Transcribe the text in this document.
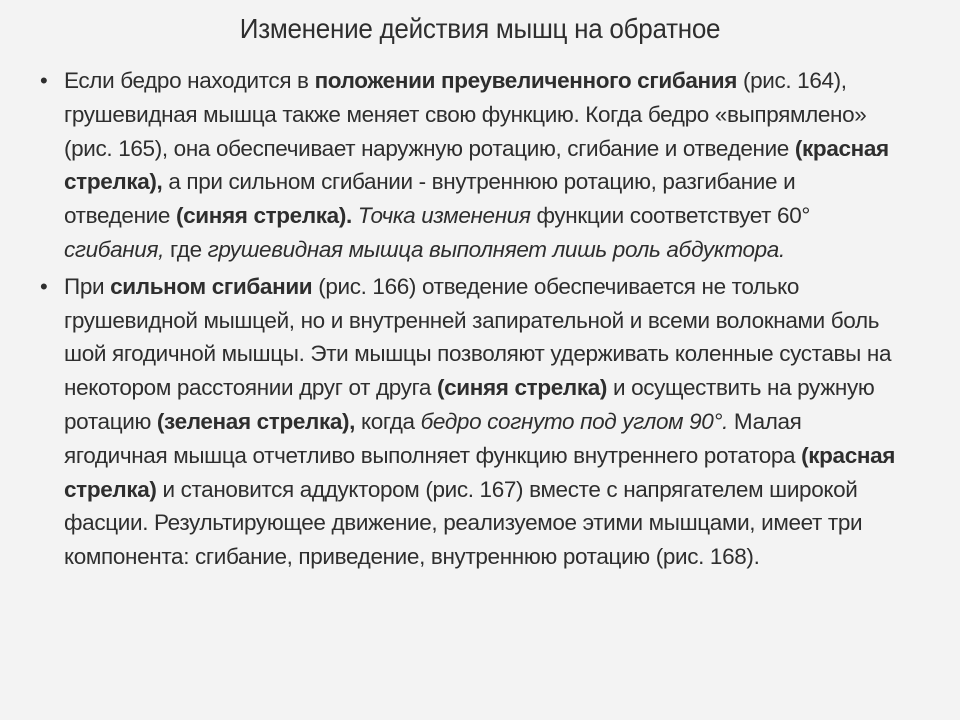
Изменение действия мышц на обратное
• Если бедро находится в положении преувеличенного сгибания (рис. 164), грушевидная мышца также меняет свою функцию. Когда бедро «выпрямлено» (рис. 165), она обеспечивает наружную ротацию, сгибание и отведение (красная стрелка), а при сильном сгибании - внутреннюю ротацию, разгибание и отведение (синяя стрелка). Точка изменения функции соответствует 60° сгибания, где грушевидная мышца выполняет лишь роль абдуктора.
• При сильном сгибании (рис. 166) отведение обеспечивается не только грушевидной мышцей, но и внутренней запирательной и всеми волокнами боль шой ягодичной мышцы. Эти мышцы позволяют удерживать коленные суставы на некотором расстоянии друг от друга (синяя стрелка) и осуществить на ружную ротацию (зеленая стрелка), когда бедро согнуто под углом 90°. Малая ягодичная мышца отчетливо выполняет функцию внутреннего ротатора (красная стрелка) и становится аддуктором (рис. 167) вместе с напрягателем широкой фасции. Результирующее движение, реализуемое этими мышцами, имеет три компонента: сгибание, приведение, внутреннюю ротацию (рис. 168).
